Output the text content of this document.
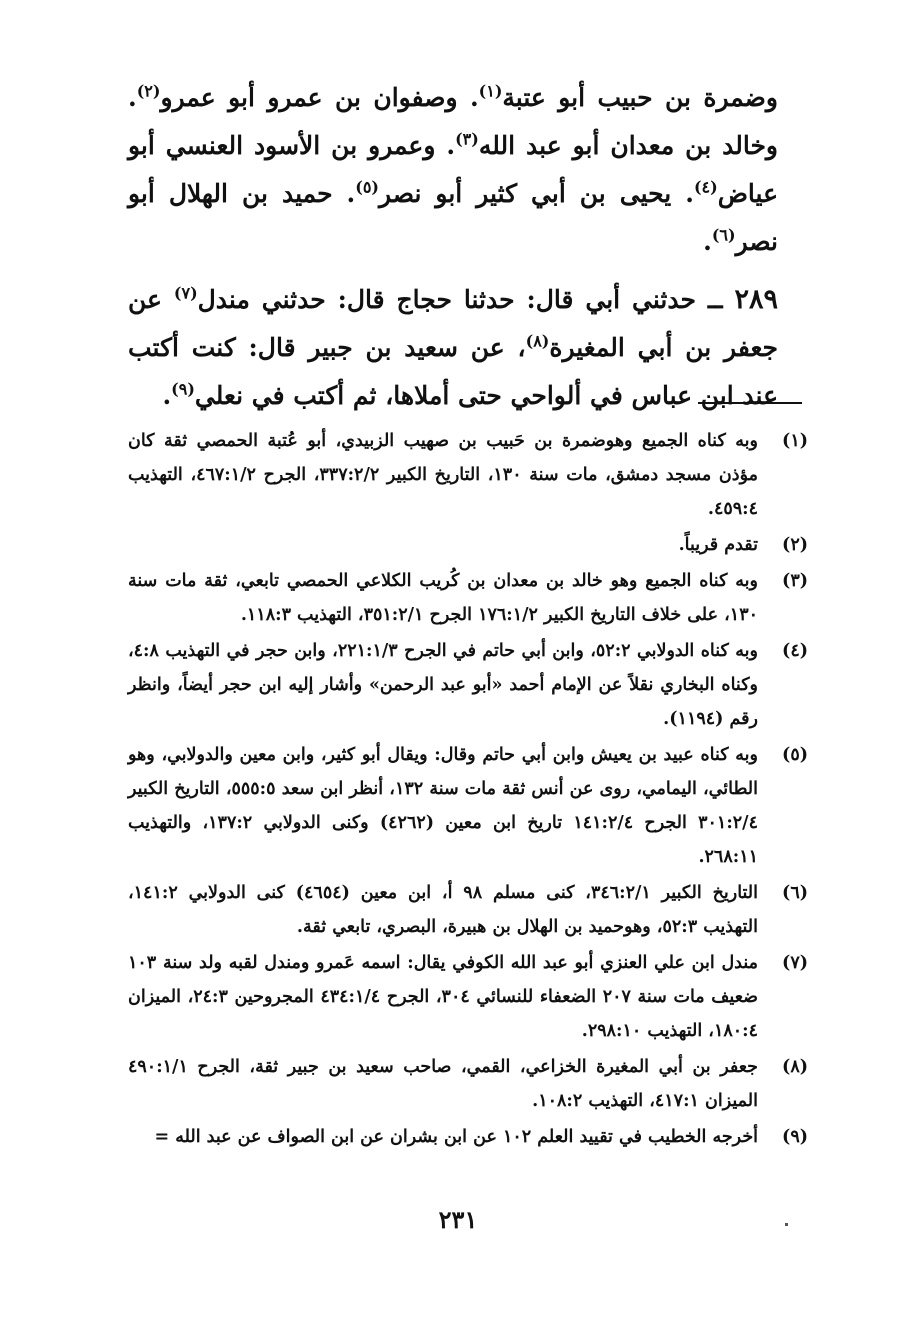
وضمرة بن حبيب أبو عتبة$^{(١)}$. وصفوان بن عمرو أبو عمرو$^{(٢)}$. وخالد بن معدان أبو عبد الله$^{(٣)}$. وعمرو بن الأسود العنسي أبو عياض$^{(٤)}$. يحيى بن أبي كثير أبو نصر$^{(٥)}$. حميد بن الهلال أبو نصر$^{(٦)}$.

٢٨٩ ــ حدثني أبي قال: حدثنا حجاج قال: حدثني مندل$^{(٧)}$ عن جعفر بن أبي المغيرة$^{(٨)}$، عن سعيد بن جبير قال: كنت أكتب عند ابن عباس في ألواحي حتى أملاها، ثم أكتب في نعلي$^{(٩)}$.

(١)
وبه كناه الجميع وهوضمرة بن حَبيب بن صهيب الزبيدي، أبو عُتبة الحمصي ثقة كان مؤذن مسجد دمشق، مات سنة ١٣٠، التاريخ الكبير ٣٣٧:٢/٢، الجرح ٤٦٧:١/٢، التهذيب ٤٥٩:٤.
(٢)
تقدم قريباً.
(٣)
وبه كناه الجميع وهو خالد بن معدان بن كُريب الكلاعي الحمصي تابعي، ثقة مات سنة ١٣٠، على خلاف التاريخ الكبير ١٧٦:١/٢ الجرح ٣٥١:٢/١، التهذيب ١١٨:٣.
(٤)
وبه كناه الدولابي ٥٢:٢، وابن أبي حاتم في الجرح ٢٢١:١/٣، وابن حجر في التهذيب ٤:٨، وكناه البخاري نقلاً عن الإمام أحمد «أبو عبد الرحمن» وأشار إليه ابن حجر أيضاً، وانظر رقم (١١٩٤).
(٥)
وبه كناه عبيد بن يعيش وابن أبي حاتم وقال: ويقال أبو كثير، وابن معين والدولابي، وهو الطائي، اليمامي، روى عن أنس ثقة مات سنة ١٣٢، أنظر ابن سعد ٥٥٥:٥، التاريخ الكبير ٣٠١:٢/٤ الجرح ١٤١:٢/٤ تاريخ ابن معين (٤٢٦٢) وكنى الدولابي ١٣٧:٢، والتهذيب ٢٦٨:١١.
(٦)
التاريخ الكبير ٣٤٦:٢/١، كنى مسلم ٩٨ أ، ابن معين (٤٦٥٤) كنى الدولابي ١٤١:٢، التهذيب ٥٢:٣، وهوحميد بن الهلال بن هبيرة، البصري، تابعي ثقة.
(٧)
مندل ابن علي العنزي أبو عبد الله الكوفي يقال: اسمه عَمرو ومندل لقبه ولد سنة ١٠٣ ضعيف مات سنة ٢٠٧ الضعفاء للنسائي ٣٠٤، الجرح ٤٣٤:١/٤ المجروحين ٢٤:٣، الميزان ١٨٠:٤، التهذيب ٢٩٨:١٠.
(٨)
جعفر بن أبي المغيرة الخزاعي، القمي، صاحب سعيد بن جبير ثقة، الجرح ٤٩٠:١/١ الميزان ٤١٧:١، التهذيب ١٠٨:٢.
(٩)
أخرجه الخطيب في تقييد العلم ١٠٢ عن ابن بشران عن ابن الصواف عن عبد الله =
٢٣١
